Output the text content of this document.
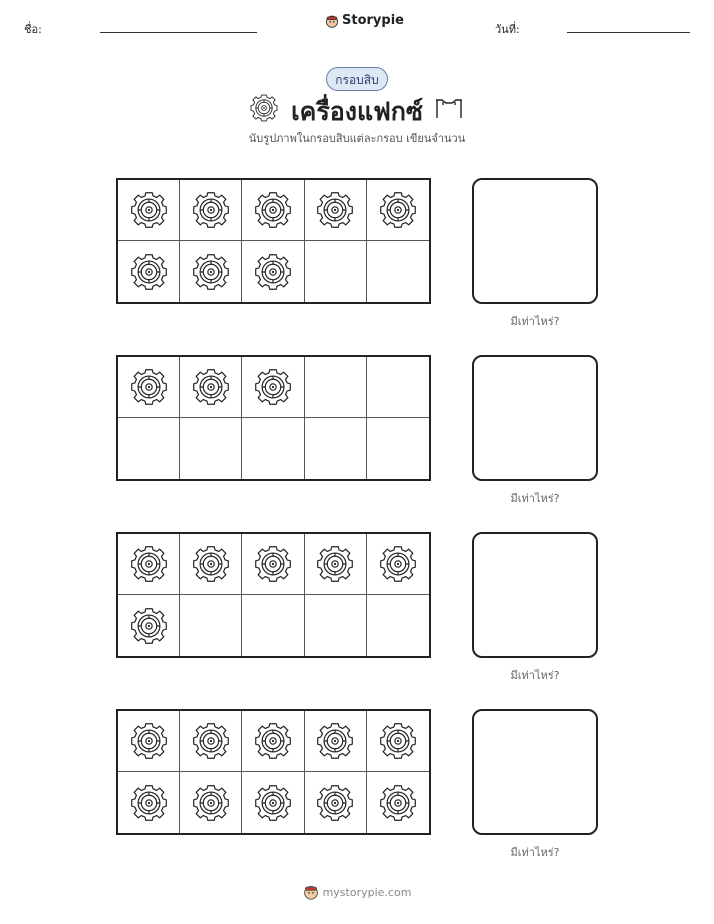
ชื่อ:
Storypie
วันที่:
กรอบสิบ
เครื่องแฟกซ์
นับรูปภาพในกรอบสิบแต่ละกรอบ เขียนจำนวน
มีเท่าไหร่?
มีเท่าไหร่?
มีเท่าไหร่?
มีเท่าไหร่?
mystorypie.com
